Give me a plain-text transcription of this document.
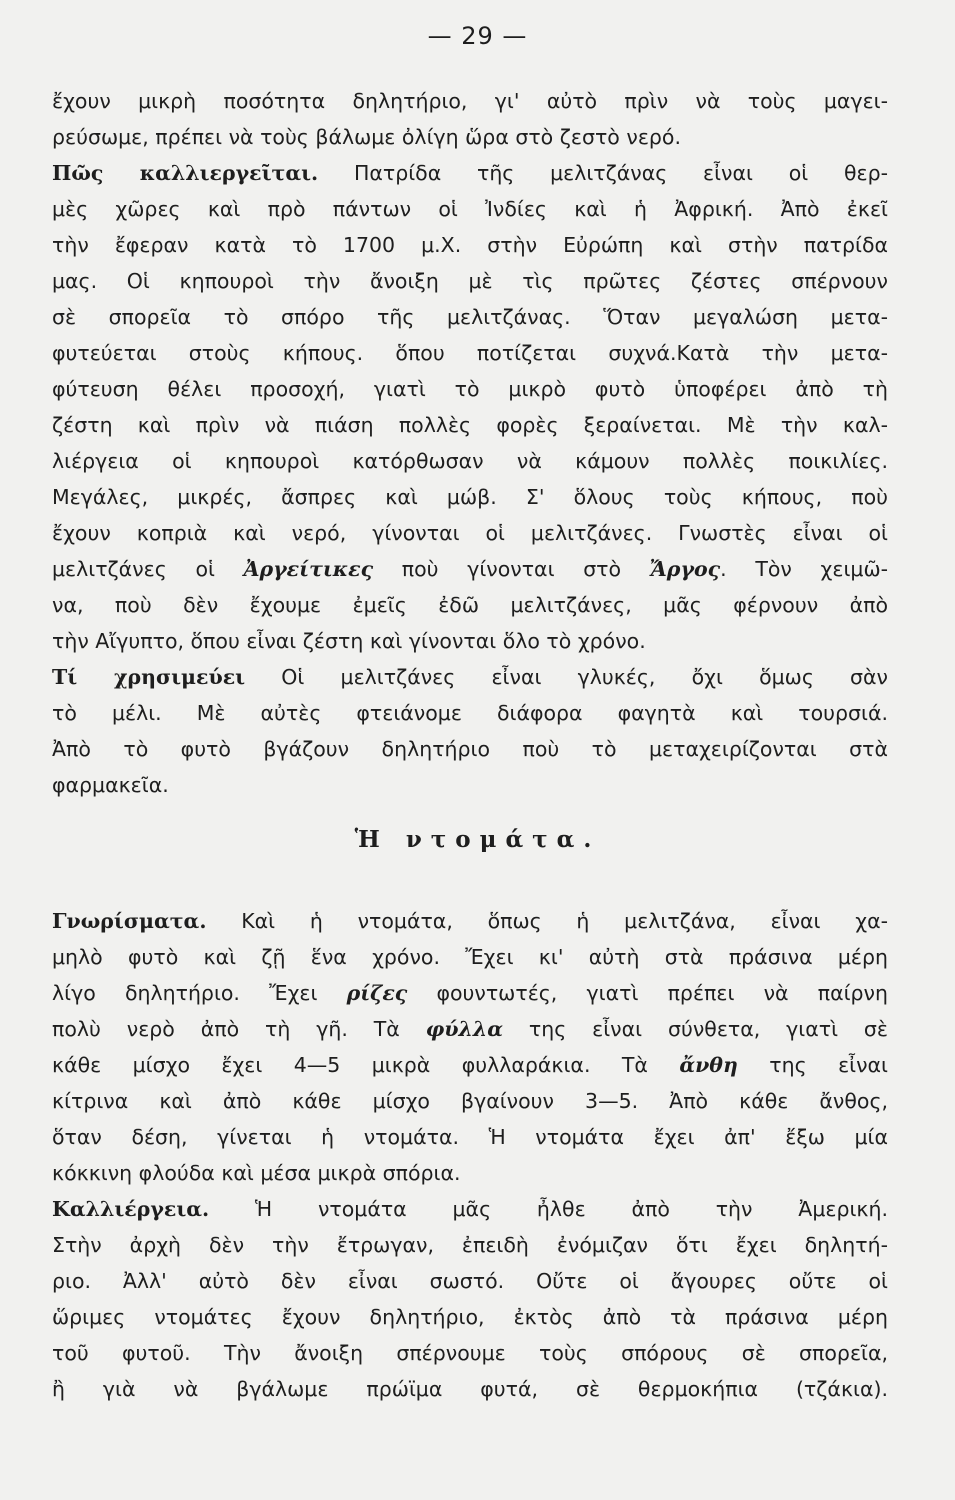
— 29 —
ἔχουν μικρὴ ποσότητα δηλητήριο, γι' αὐτὸ πρὶν νὰ τοὺς μαγει-
ρεύσωμε, πρέπει νὰ τοὺς βάλωμε ὀλίγη ὥρα στὸ ζεστὸ νερό.
Πῶς καλλιεργεῖται. Πατρίδα τῆς μελιτζάνας εἶναι οἱ θερ-
μὲς χῶρες καὶ πρὸ πάντων οἱ Ἰνδίες καὶ ἡ Ἀφρική. Ἀπὸ ἐκεῖ
τὴν ἔφεραν κατὰ τὸ 1700 μ.Χ. στὴν Εὐρώπη καὶ στὴν πατρίδα
μας. Οἱ κηπουροὶ τὴν ἄνοιξη μὲ τὶς πρῶτες ζέστες σπέρνουν
σὲ σπορεῖα τὸ σπόρο τῆς μελιτζάνας. Ὅταν μεγαλώση μετα-
φυτεύεται στοὺς κήπους. ὅπου ποτίζεται συχνά.Κατὰ τὴν μετα-
φύτευση θέλει προσοχή, γιατὶ τὸ μικρὸ φυτὸ ὑποφέρει ἀπὸ τὴ
ζέστη καὶ πρὶν νὰ πιάση πολλὲς φορὲς ξεραίνεται. Μὲ τὴν καλ-
λιέργεια οἱ κηπουροὶ κατόρθωσαν νὰ κάμουν πολλὲς ποικιλίες.
Μεγάλες, μικρές, ἄσπρες καὶ μώβ. Σ' ὅλους τοὺς κήπους, ποὺ
ἔχουν κοπριὰ καὶ νερό, γίνονται οἱ μελιτζάνες. Γνωστὲς εἶναι οἱ
μελιτζάνες οἱ Ἀργείτικες ποὺ γίνονται στὸ Ἄργος. Τὸν χειμῶ-
να, ποὺ δὲν ἔχουμε ἐμεῖς ἐδῶ μελιτζάνες, μᾶς φέρνουν ἀπὸ
τὴν Αἴγυπτο, ὅπου εἶναι ζέστη καὶ γίνονται ὅλο τὸ χρόνο.
Τί χρησιμεύει Οἱ μελιτζάνες εἶναι γλυκές, ὄχι ὅμως σὰν
τὸ μέλι. Μὲ αὐτὲς φτειάνομε διάφορα φαγητὰ καὶ τουρσιά.
Ἀπὸ τὸ φυτὸ βγάζουν δηλητήριο ποὺ τὸ μεταχειρίζονται στὰ
φαρμακεῖα.
Ἡ ντομάτα.
Γνωρίσματα. Καὶ ἡ ντομάτα, ὅπως ἡ μελιτζάνα, εἶναι χα-
μηλὸ φυτὸ καὶ ζῇ ἕνα χρόνο. Ἔχει κι' αὐτὴ στὰ πράσινα μέρη
λίγο δηλητήριο. Ἔχει ρίζες φουντωτές, γιατὶ πρέπει νὰ παίρνη
πολὺ νερὸ ἀπὸ τὴ γῆ. Τὰ φύλλα της εἶναι σύνθετα, γιατὶ σὲ
κάθε μίσχο ἔχει 4—5 μικρὰ φυλλαράκια. Τὰ ἄνθη της εἶναι
κίτρινα καὶ ἀπὸ κάθε μίσχο βγαίνουν 3—5. Ἀπὸ κάθε ἄνθος,
ὅταν δέση, γίνεται ἡ ντομάτα. Ἡ ντομάτα ἔχει ἀπ' ἔξω μία
κόκκινη φλούδα καὶ μέσα μικρὰ σπόρια.
Καλλιέργεια. Ἡ ντομάτα μᾶς ἦλθε ἀπὸ τὴν Ἀμερική.
Στὴν ἀρχὴ δὲν τὴν ἔτρωγαν, ἐπειδὴ ἐνόμιζαν ὅτι ἔχει δηλητή-
ριο. Ἀλλ' αὐτὸ δὲν εἶναι σωστό. Οὔτε οἱ ἄγουρες οὔτε οἱ
ὥριμες ντομάτες ἔχουν δηλητήριο, ἐκτὸς ἀπὸ τὰ πράσινα μέρη
τοῦ φυτοῦ. Τὴν ἄνοιξη σπέρνουμε τοὺς σπόρους σὲ σπορεῖα,
ἢ γιὰ νὰ βγάλωμε πρώϊμα φυτά, σὲ θερμοκήπια (τζάκια).
